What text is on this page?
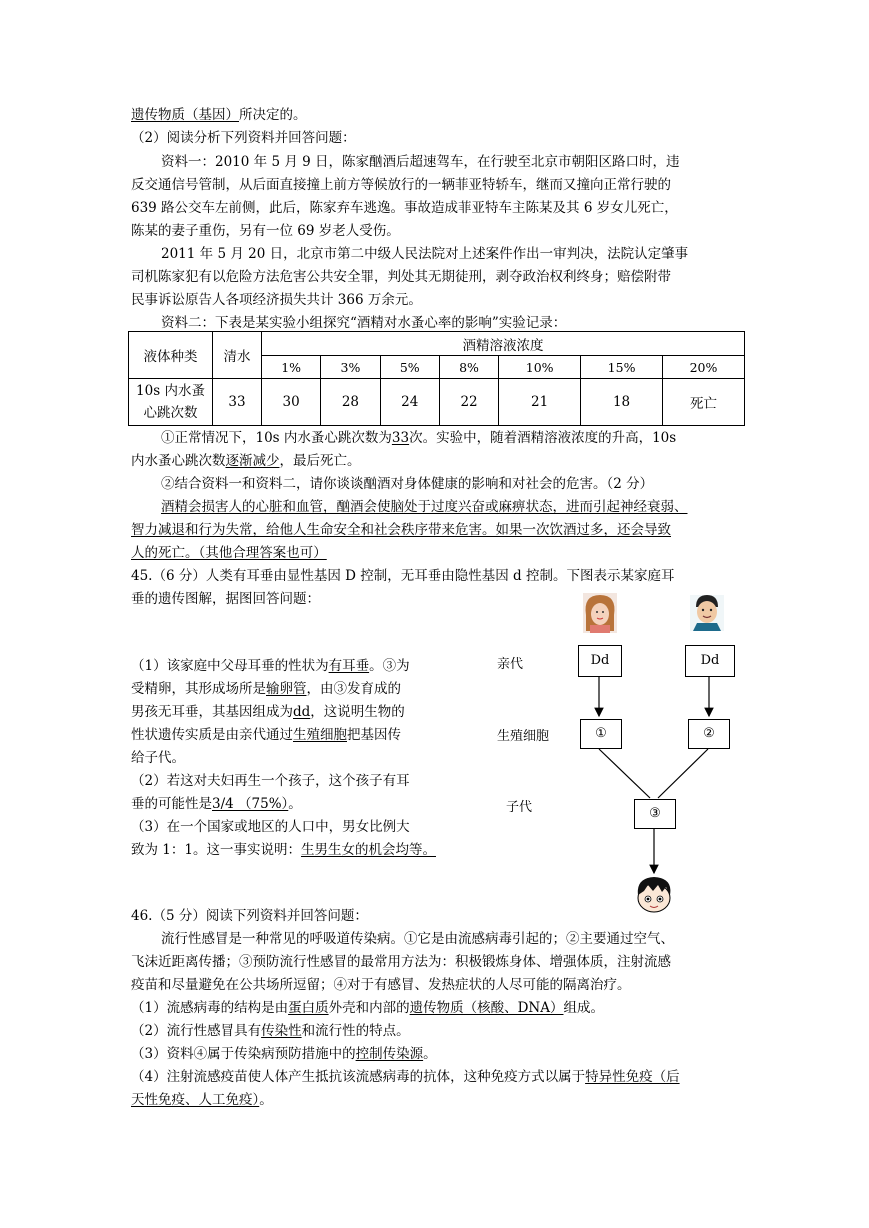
遗传物质（基因）所决定的。
（2）阅读分析下列资料并回答问题：
资料一：2010 年 5 月 9 日，陈家酗酒后超速驾车，在行驶至北京市朝阳区路口时，违
反交通信号管制，从后面直接撞上前方等候放行的一辆菲亚特轿车，继而又撞向正常行驶的
639 路公交车左前侧，此后，陈家弃车逃逸。事故造成菲亚特车主陈某及其 6 岁女儿死亡，
陈某的妻子重伤，另有一位 69 岁老人受伤。
2011 年 5 月 20 日，北京市第二中级人民法院对上述案件作出一审判决，法院认定肇事
司机陈家犯有以危险方法危害公共安全罪，判处其无期徒刑，剥夺政治权利终身；赔偿附带
民事诉讼原告人各项经济损失共计 366 万余元。
资料二：下表是某实验小组探究“酒精对水蚤心率的影响”实验记录：
液体种类	清水	酒精溶液浓度						
		1%	3%	5%	8%	10%	15%	20%

10s 内水蚤
心跳次数	33	30	28	24	22	21	18	死亡
①正常情况下，10s 内水蚤心跳次数为33次。实验中，随着酒精溶液浓度的升高，10s
内水蚤心跳次数逐渐减少，最后死亡。
②结合资料一和资料二，请你谈谈酗酒对身体健康的影响和对社会的危害。（2 分）
酒精会损害人的心脏和血管，酗酒会使脑处于过度兴奋或麻痹状态，进而引起神经衰弱、
智力减退和行为失常，给他人生命安全和社会秩序带来危害。如果一次饮酒过多，还会导致
人的死亡。（其他合理答案也可）
45.（6 分）人类有耳垂由显性基因 D 控制，无耳垂由隐性基因 d 控制。下图表示某家庭耳
垂的遗传图解，据图回答问题：
（1）该家庭中父母耳垂的性状为有耳垂。③为
受精卵，其形成场所是输卵管，由③发育成的
男孩无耳垂，其基因组成为dd，这说明生物的
性状遗传实质是由亲代通过生殖细胞把基因传
给子代。
（2）若这对夫妇再生一个孩子，这个孩子有耳
垂的可能性是3/4 （75%）。
（3）在一个国家或地区的人口中，男女比例大
致为 1：1。这一事实说明：生男生女的机会均等。
亲代
生殖细胞
子代
Dd	Dd
①	②
③
46.（5 分）阅读下列资料并回答问题：
流行性感冒是一种常见的呼吸道传染病。①它是由流感病毒引起的；②主要通过空气、
飞沫近距离传播；③预防流行性感冒的最常用方法为：积极锻炼身体、增强体质，注射流感
疫苗和尽量避免在公共场所逗留；④对于有感冒、发热症状的人尽可能的隔离治疗。
（1）流感病毒的结构是由蛋白质外壳和内部的遗传物质（核酸、DNA）组成。
（2）流行性感冒具有传染性和流行性的特点。
（3）资料④属于传染病预防措施中的控制传染源。
（4）注射流感疫苗使人体产生抵抗该流感病毒的抗体，这种免疫方式以属于特异性免疫（后
天性免疫、人工免疫）。
